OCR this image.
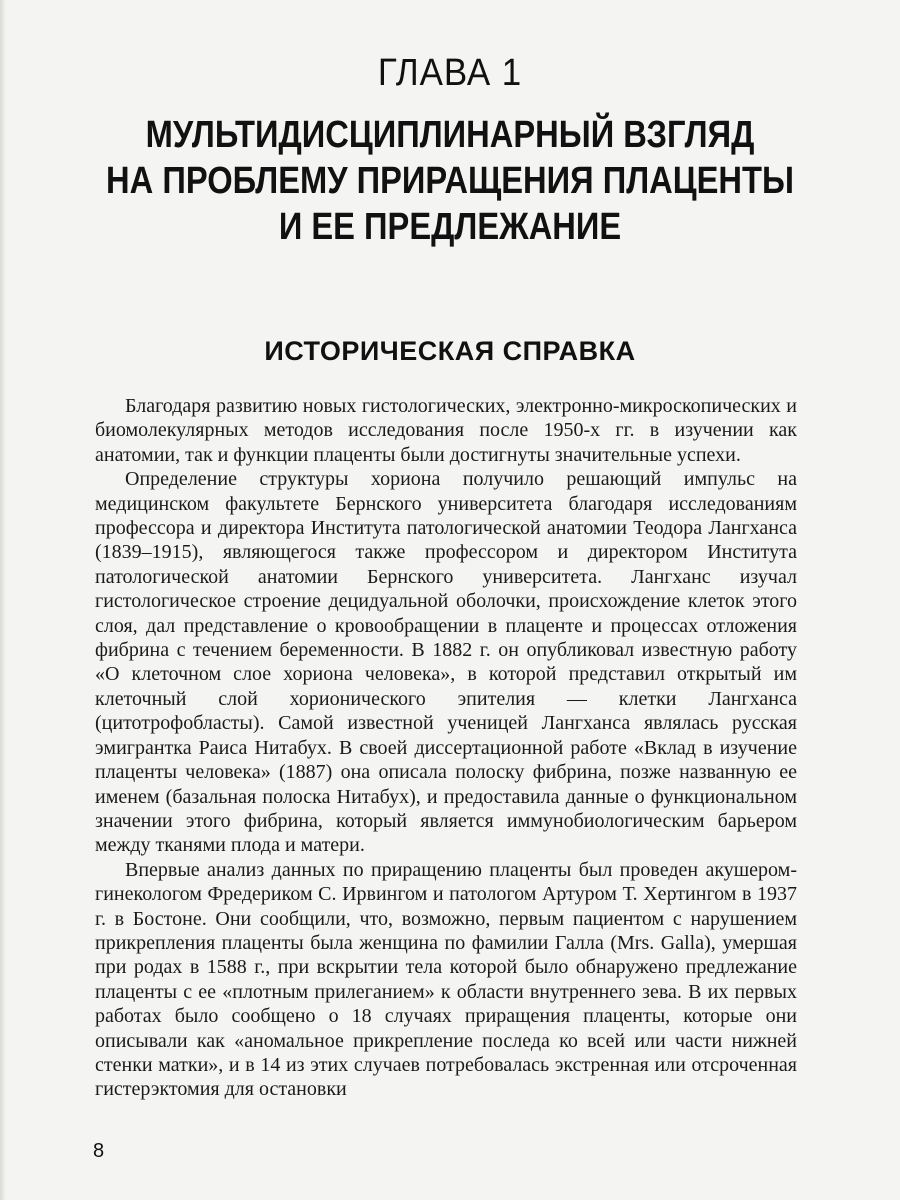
ГЛАВА 1
МУЛЬТИДИСЦИПЛИНАРНЫЙ ВЗГЛЯД
НА ПРОБЛЕМУ ПРИРАЩЕНИЯ ПЛАЦЕНТЫ
И ЕЕ ПРЕДЛЕЖАНИЕ
ИСТОРИЧЕСКАЯ СПРАВКА

Благодаря развитию новых гистологических, электронно-микроскопических и биомолекулярных методов исследования после 1950-х гг. в изучении как анатомии, так и функции плаценты были достигнуты значительные успехи.

Определение структуры хориона получило решающий импульс на медицинском факультете Бернского университета благодаря исследованиям профессора и директора Института патологической анатомии Теодора Лангханса (1839–1915), являющегося также профессором и директором Института патологической анатомии Бернского университета. Лангханс изучал гистологическое строение децидуальной оболочки, происхождение клеток этого слоя, дал представление о кровообращении в плаценте и процессах отложения фибрина с течением беременности. В 1882 г. он опубликовал известную работу «О клеточном слое хориона человека», в которой представил открытый им клеточный слой хорионического эпителия — клетки Лангханса (цитотрофобласты). Самой известной ученицей Лангханса являлась русская эмигрантка Раиса Нитабух. В своей диссертационной работе «Вклад в изучение плаценты человека» (1887) она описала полоску фибрина, позже названную ее именем (базальная полоска Нитабух), и предоставила данные о функциональном значении этого фибрина, который является иммунобиологическим барьером между тканями плода и матери.

Впервые анализ данных по приращению плаценты был проведен акушером-гинекологом Фредериком С. Ирвингом и патологом Артуром Т. Хертингом в 1937 г. в Бостоне. Они сообщили, что, возможно, первым пациентом с нарушением прикрепления плаценты была женщина по фамилии Галла (Mrs. Galla), умершая при родах в 1588 г., при вскрытии тела которой было обнаружено предлежание плаценты с ее «плотным прилеганием» к области внутреннего зева. В их первых работах было сообщено о 18 случаях приращения плаценты, которые они описывали как «аномальное прикрепление последа ко всей или части нижней стенки матки», и в 14 из этих случаев потребовалась экстренная или отсроченная гистерэктомия для остановки

8
